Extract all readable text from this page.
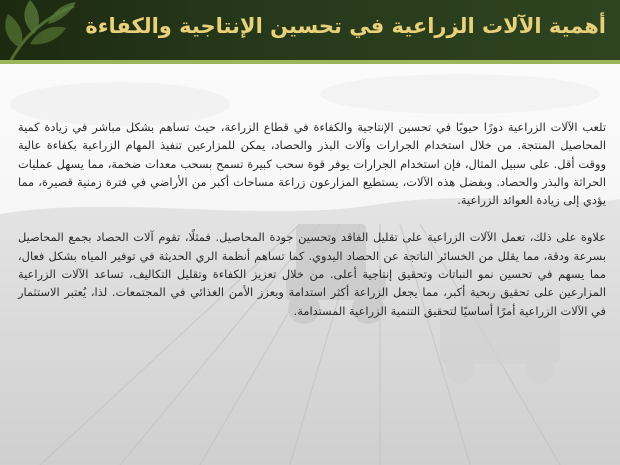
أهمية الآلات الزراعية في تحسين الإنتاجية والكفاءة

تلعب الآلات الزراعية دورًا حيويًا في تحسين الإنتاجية والكفاءة في قطاع الزراعة، حيث تساهم بشكل مباشر في زيادة كمية المحاصيل المنتجة. من خلال استخدام الجرارات وآلات البذر والحصاد، يمكن للمزارعين تنفيذ المهام الزراعية بكفاءة عالية ووقت أقل. على سبيل المثال، فإن استخدام الجرارات يوفر قوة سحب كبيرة تسمح بسحب معدات ضخمة، مما يسهل عمليات الحراثة والبذر والحصاد. وبفضل هذه الآلات، يستطيع المزارعون زراعة مساحات أكبر من الأراضي في فترة زمنية قصيرة، مما يؤدي إلى زيادة العوائد الزراعية.

علاوة على ذلك، تعمل الآلات الزراعية على تقليل الفاقد وتحسين جودة المحاصيل. فمثلًا، تقوم آلات الحصاد بجمع المحاصيل بسرعة ودقة، مما يقلل من الخسائر الناتجة عن الحصاد اليدوي. كما تساهم أنظمة الري الحديثة في توفير المياه بشكل فعال، مما يسهم في تحسين نمو النباتات وتحقيق إنتاجية أعلى. من خلال تعزيز الكفاءة وتقليل التكاليف، تساعد الآلات الزراعية المزارعين على تحقيق ربحية أكبر، مما يجعل الزراعة أكثر استدامة ويعزز الأمن الغذائي في المجتمعات. لذا، يُعتبر الاستثمار في الآلات الزراعية أمرًا أساسيًا لتحقيق التنمية الزراعية المستدامة.
